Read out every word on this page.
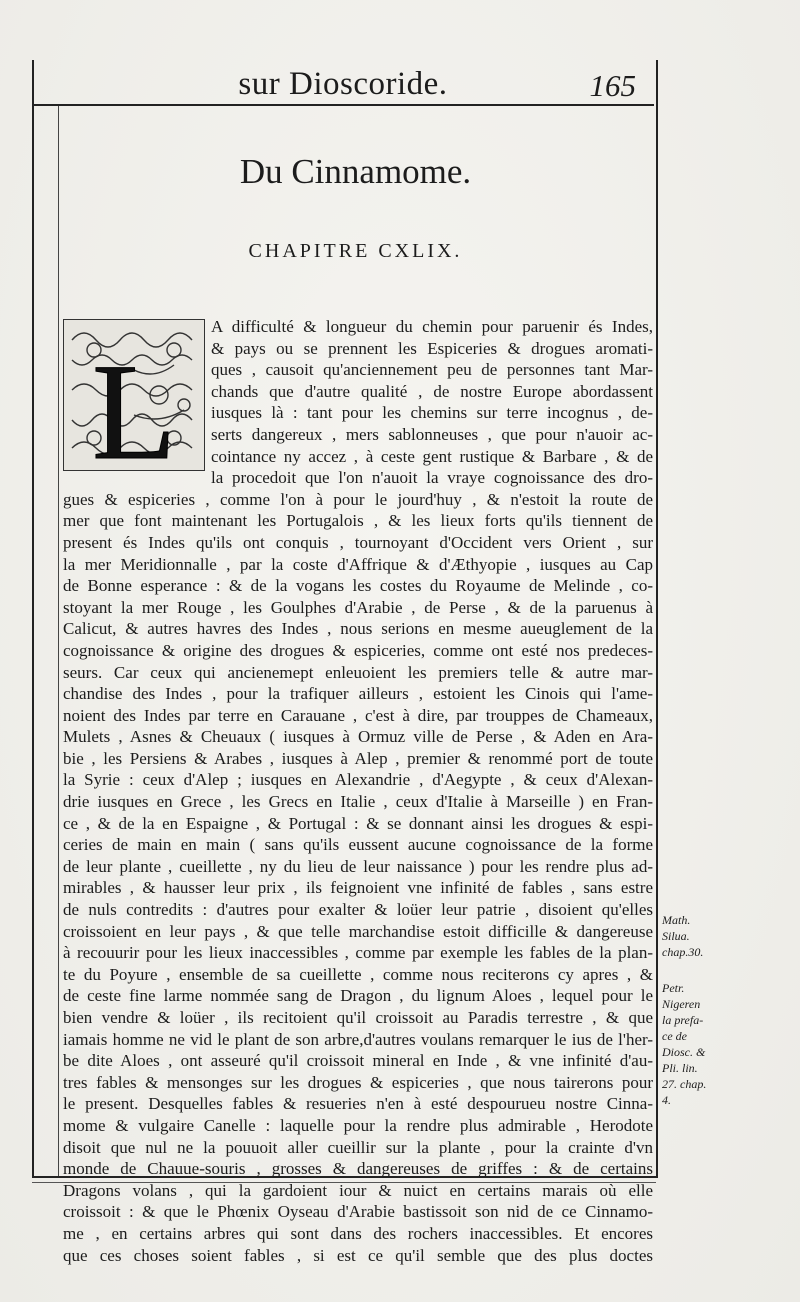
sur Dioscoride.	165
Du Cinnamome.
CHAPITRE CXLIX.
L
A difficulté & longueur du chemin pour paruenir és Indes,
& pays ou se prennent les Espiceries & drogues aromati-
ques , causoit qu'anciennement peu de personnes tant Mar-
chands que d'autre qualité , de nostre Europe abordassent
iusques là : tant pour les chemins sur terre incognus , de-
serts dangereux , mers sablonneuses , que pour n'auoir ac-
cointance ny accez , à ceste gent rustique & Barbare , & de
la procedoit que l'on n'auoit la vraye cognoissance des dro-
gues & espiceries , comme l'on à pour le jourd'huy , & n'estoit la route de
mer que font maintenant les Portugalois , & les lieux forts qu'ils tiennent de
present és Indes qu'ils ont conquis , tournoyant d'Occident vers Orient , sur
la mer Meridionnalle , par la coste d'Affrique & d'Æthyopie , iusques au Cap
de Bonne esperance : & de la vogans les costes du Royaume de Melinde , co-
stoyant la mer Rouge , les Goulphes d'Arabie , de Perse , & de la paruenus à
Calicut, & autres havres des Indes , nous serions en mesme aueuglement de la
cognoissance & origine des drogues & espiceries, comme ont esté nos predeces-
seurs. Car ceux qui ancienemept enleuoient les premiers telle & autre mar-
chandise des Indes , pour la trafiquer ailleurs , estoient les Cinois qui l'ame-
noient des Indes par terre en Carauane , c'est à dire, par trouppes de Chameaux,
Mulets , Asnes & Cheuaux ( iusques à Ormuz ville de Perse , & Aden en Ara-
bie , les Persiens & Arabes , iusques à Alep , premier & renommé port de toute
la Syrie : ceux d'Alep ; iusques en Alexandrie , d'Aegypte , & ceux d'Alexan-
drie iusques en Grece , les Grecs en Italie , ceux d'Italie à Marseille ) en Fran-
ce , & de la en Espaigne , & Portugal : & se donnant ainsi les drogues & espi-
ceries de main en main ( sans qu'ils eussent aucune cognoissance de la forme
de leur plante , cueillette , ny du lieu de leur naissance ) pour les rendre plus ad-
mirables , & hausser leur prix , ils feignoient vne infinité de fables , sans estre
de nuls contredits : d'autres pour exalter & loüer leur patrie , disoient qu'elles
croissoient en leur pays , & que telle marchandise estoit difficille & dangereuse
à recouurir pour les lieux inaccessibles , comme par exemple les fables de la plan-
te du Poyure , ensemble de sa cueillette , comme nous reciterons cy apres , &
de ceste fine larme nommée sang de Dragon , du lignum Aloes , lequel pour le
bien vendre & loüer , ils recitoient qu'il croissoit au Paradis terrestre , & que
iamais homme ne vid le plant de son arbre,d'autres voulans remarquer le ius de l'her-
be dite Aloes , ont asseuré qu'il croissoit mineral en Inde , & vne infinité d'au-
tres fables & mensonges sur les drogues & espiceries , que nous tairerons pour
le present. Desquelles fables & resueries n'en à esté despourueu nostre Cinna-
mome & vulgaire Canelle : laquelle pour la rendre plus admirable , Herodote
disoit que nul ne la pouuoit aller cueillir sur la plante , pour la crainte d'vn
monde de Chauue-souris , grosses & dangereuses de griffes : & de certains
Dragons volans , qui la gardoient iour & nuict en certains marais où elle
croissoit : & que le Phœnix Oyseau d'Arabie bastissoit son nid de ce Cinnamo-
me , en certains arbres qui sont dans des rochers inaccessibles. Et encores
que ces choses soient fables , si est ce qu'il semble que des plus doctes
Math.
Silua.
chap.30.
Petr.
Nigeren
la prefa-
ce de
Diosc. &
Pli. lin.
27. chap.
4.
